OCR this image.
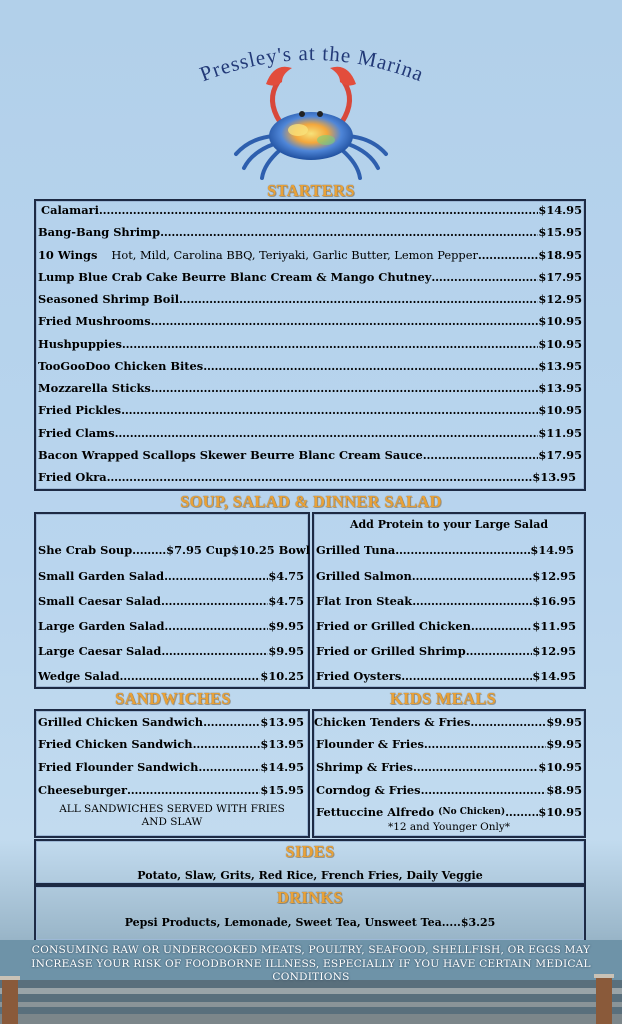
Pressley's at the Marina
STARTERS
Calamari .....	$14.95
Bang-Bang Shrimp .....	$15.95
10 Wings	Hot, Mild, Carolina BBQ, Teriyaki, Garlic Butter, Lemon Pepper .....	$18.95
Lump Blue Crab Cake Beurre Blanc Cream & Mango Chutney .....	$17.95
Seasoned Shrimp Boil .....	$12.95
Fried Mushrooms .....	$10.95
Hushpuppies .....	$10.95
TooGooDoo Chicken Bites .....	$13.95
Mozzarella Sticks .....	$13.95
Fried Pickles .....	$10.95
Fried Clams .....	$11.95
Bacon Wrapped Scallops Skewer Beurre Blanc Cream Sauce .....	$17.95
Fried Okra .....	$13.95
SOUP, SALAD & DINNER SALAD
She Crab Soup .....	$7.95 Cup $10.25 Bowl
Small Garden Salad .....	$4.75
Small Caesar Salad .....	$4.75
Large Garden Salad .....	$9.95
Large Caesar Salad .....	$9.95
Wedge Salad .....	$10.25
Add Protein to your Large Salad
Grilled Tuna .....	$14.95
Grilled Salmon .....	$12.95
Flat Iron Steak .....	$16.95
Fried or Grilled Chicken .....	$11.95
Fried or Grilled Shrimp .....	$12.95
Fried Oysters .....	$14.95
SANDWICHES	KIDS MEALS
Grilled Chicken Sandwich .....	$13.95
Fried Chicken Sandwich .....	$13.95
Fried Flounder Sandwich .....	$14.95
Cheeseburger .....	$15.95
ALL SANDWICHES SERVED WITH FRIES AND SLAW
Chicken Tenders & Fries .....	$9.95
Flounder & Fries .....	$9.95
Shrimp & Fries .....	$10.95
Corndog & Fries .....	$8.95
Fettuccine Alfredo (No Chicken) .....	$10.95
*12 and Younger Only*
SIDES
Potato, Slaw, Grits, Red Rice, French Fries, Daily Veggie
DRINKS
Pepsi Products, Lemonade, Sweet Tea, Unsweet Tea.....$3.25
CONSUMING RAW OR UNDERCOOKED MEATS, POULTRY, SEAFOOD, SHELLFISH, OR EGGS MAY INCREASE YOUR RISK OF FOODBORNE ILLNESS, ESPECIALLY IF YOU HAVE CERTAIN MEDICAL CONDITIONS
